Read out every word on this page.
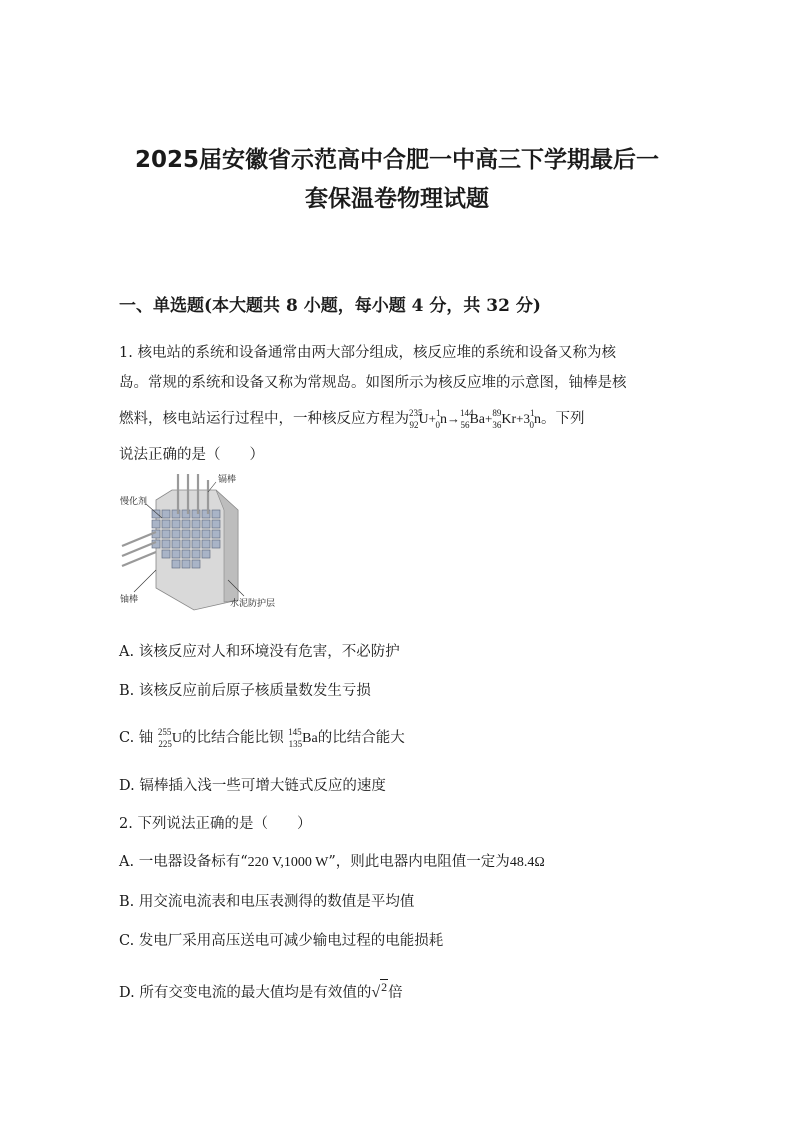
2025届安徽省示范高中合肥一中高三下学期最后一
套保温卷物理试题
一、单选题(本大题共 8 小题，每小题 4 分，共 32 分)
1. 核电站的系统和设备通常由两大部分组成，核反应堆的系统和设备又称为核
岛。常规的系统和设备又称为常规岛。如图所示为核反应堆的示意图，铀棒是核
燃料，核电站运行过程中，一种核反应方程为$^{235}_{92}U+^1_0n\to^{144}_{56}Ba+^{89}_{36}Kr+3^1_0n$。下列
说法正确的是（　　）
镉棒
慢化剂
铀棒	水泥防护层
A. 该核反应对人和环境没有危害，不必防护
B. 该核反应前后原子核质量数发生亏损
C. 铀 $^{255}_{225}$U的比结合能比钡 $^{145}_{135}$Ba的比结合能大
D. 镉棒插入浅一些可增大链式反应的速度
2. 下列说法正确的是（　　）
A. 一电器设备标有“220 V,1000 W”，则此电器内电阻值一定为48.4Ω
B. 用交流电流表和电压表测得的数值是平均值
C. 发电厂采用高压送电可减少输电过程的电能损耗
D. 所有交变电流的最大值均是有效值的√$^2$倍
